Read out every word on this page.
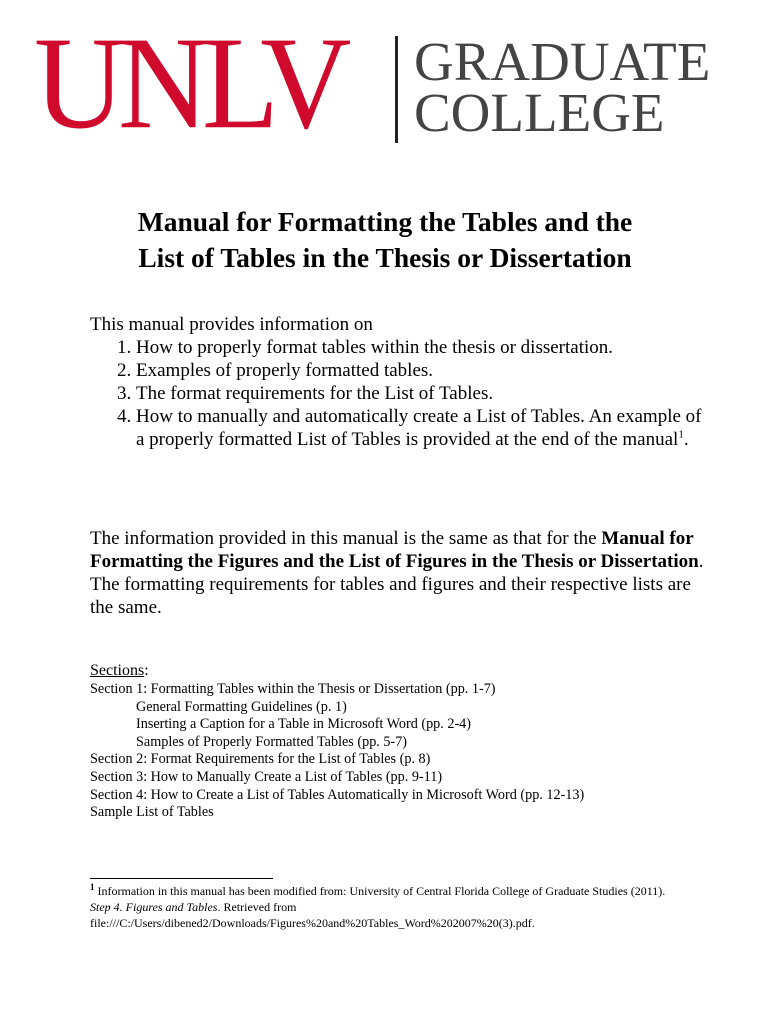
UNLV GRADUATE
COLLEGE
Manual for Formatting the Tables and the
List of Tables in the Thesis or Dissertation
This manual provides information on
1. How to properly format tables within the thesis or dissertation.
2. Examples of properly formatted tables.
3. The format requirements for the List of Tables.
4. How to manually and automatically create a List of Tables. An example of a properly formatted List of Tables is provided at the end of the manual$^1$.
The information provided in this manual is the same as that for the Manual for Formatting the Figures and the List of Figures in the Thesis or Dissertation. The formatting requirements for tables and figures and their respective lists are the same.
Sections:
Section 1: Formatting Tables within the Thesis or Dissertation (pp. 1-7)
General Formatting Guidelines (p. 1)
Inserting a Caption for a Table in Microsoft Word (pp. 2-4)
Samples of Properly Formatted Tables (pp. 5-7)
Section 2: Format Requirements for the List of Tables (p. 8)
Section 3: How to Manually Create a List of Tables (pp. 9-11)
Section 4: How to Create a List of Tables Automatically in Microsoft Word (pp. 12-13)
Sample List of Tables
$^1$ Information in this manual has been modified from: University of Central Florida College of Graduate Studies (2011). Step 4. Figures and Tables. Retrieved from file:///C:/Users/dibened2/Downloads/Figures%20and%20Tables_Word%202007%20(3).pdf.
